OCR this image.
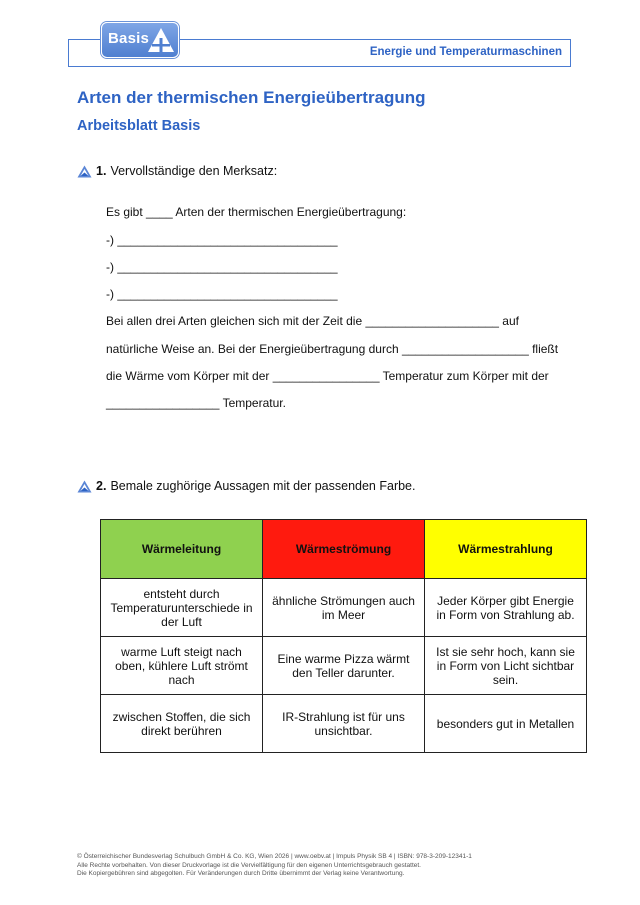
Basis
Energie und Temperaturmaschinen
Arten der thermischen Energieübertragung
Arbeitsblatt Basis
1. Vervollständige den Merksatz:
Es gibt ____ Arten der thermischen Energieübertragung:
-) _________________________________
-) _________________________________
-) _________________________________
Bei allen drei Arten gleichen sich mit der Zeit die ____________________ auf
natürliche Weise an. Bei der Energieübertragung durch ___________________ fließt
die Wärme vom Körper mit der ________________ Temperatur zum Körper mit der
_________________ Temperatur.
2. Bemale zughörige Aussagen mit der passenden Farbe.
Wärmeleitung	Wärmeströmung	Wärmestrahlung
entsteht durch Temperaturunterschiede in der Luft	ähnliche Strömungen auch im Meer	Jeder Körper gibt Energie in Form von Strahlung ab.
warme Luft steigt nach oben, kühlere Luft strömt nach	Eine warme Pizza wärmt den Teller darunter.	Ist sie sehr hoch, kann sie in Form von Licht sichtbar sein.
zwischen Stoffen, die sich direkt berühren	IR-Strahlung ist für uns unsichtbar.	besonders gut in Metallen
© Österreichischer Bundesverlag Schulbuch GmbH & Co. KG, Wien 2026 | www.oebv.at | Impuls Physik SB 4 | ISBN: 978-3-209-12341-1
Alle Rechte vorbehalten. Von dieser Druckvorlage ist die Vervielfältigung für den eigenen Unterrichtsgebrauch gestattet.
Die Kopiergebühren sind abgegolten. Für Veränderungen durch Dritte übernimmt der Verlag keine Verantwortung.
